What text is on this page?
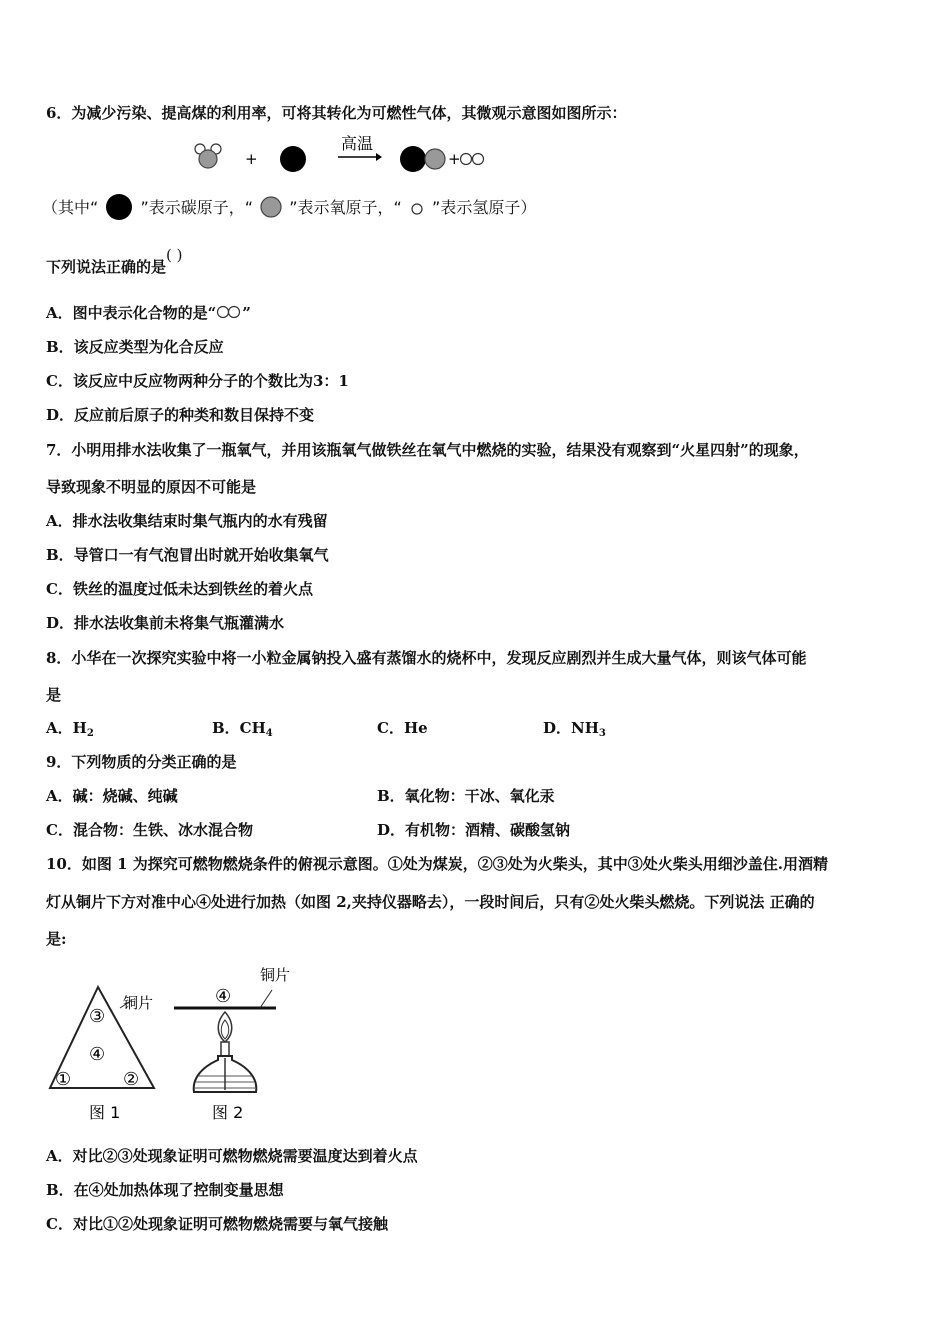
6．为减少污染、提高煤的利用率，可将其转化为可燃性气体，其微观示意图如图所示：
+
高温
+
（其中“	”表示碳原子，“ ”表示氧原子，“ ”表示氢原子）
下列说法正确的是( )
A．图中表示化合物的是“ ”
B．该反应类型为化合反应
C．该反应中反应物两种分子的个数比为3：1
D．反应前后原子的种类和数目保持不变
7．小明用排水法收集了一瓶氧气，并用该瓶氧气做铁丝在氧气中燃烧的实验，结果没有观察到“火星四射”的现象，
导致现象不明显的原因不可能是
A．排水法收集结束时集气瓶内的水有残留
B．导管口一有气泡冒出时就开始收集氧气
C．铁丝的温度过低未达到铁丝的着火点
D．排水法收集前未将集气瓶灌满水
8．小华在一次探究实验中将一小粒金属钠投入盛有蒸馏水的烧杯中，发现反应剧烈并生成大量气体，则该气体可能
是
A．$H_2$	B．$CH_4$	C．He	D．$NH_3$
9．下列物质的分类正确的是
A．碱：烧碱、纯碱	B．氧化物：干冰、氧化汞
C．混合物：生铁、冰水混合物	D．有机物：酒精、碳酸氢钠
10．如图 1 为探究可燃物燃烧条件的俯视示意图。①处为煤炭，②③处为火柴头，其中③处火柴头用细沙盖住.用酒精
灯从铜片下方对准中心④处进行加热（如图 2,夹持仪器略去），一段时间后，只有②处火柴头燃烧。下列说法 正确的
是:
铜片
③
④
①	②
图 1
铜片
④
图 2
A．对比②③处现象证明可燃物燃烧需要温度达到着火点
B．在④处加热体现了控制变量思想
C．对比①②处现象证明可燃物燃烧需要与氧气接触
